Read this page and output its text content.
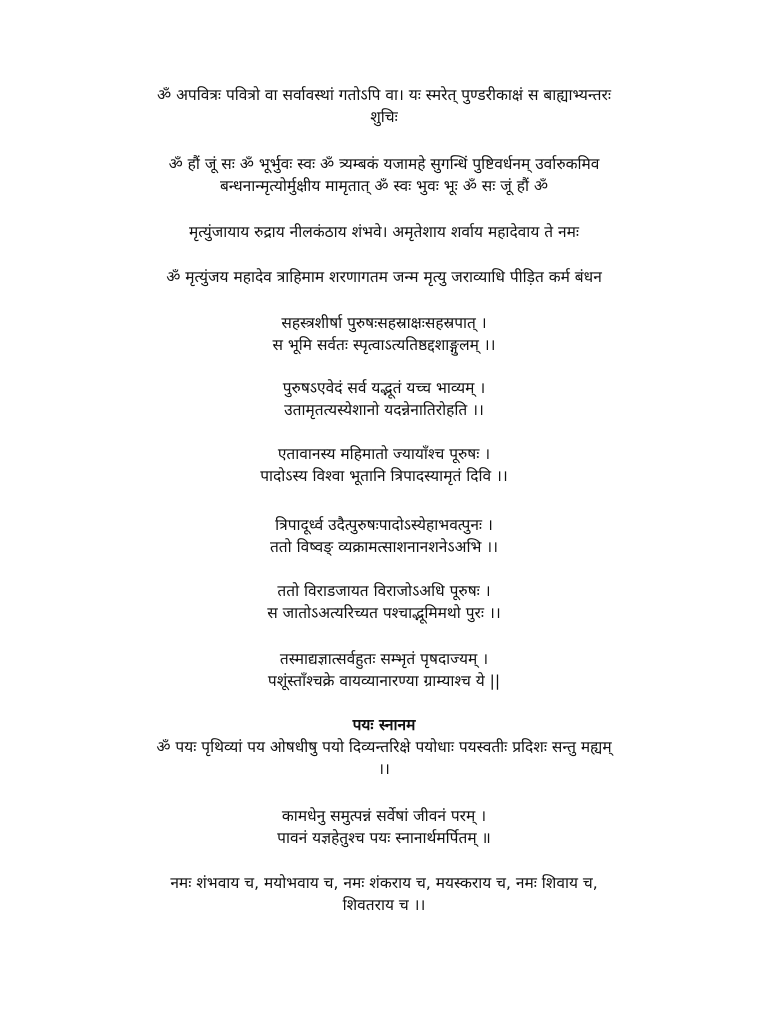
ॐ अपवित्रः पवित्रो वा सर्वावस्थां गतोऽपि वा। यः स्मरेत् पुण्डरीकाक्षं स बाह्याभ्यन्तरः
शुचिः
ॐ हौं जूं सः ॐ भूर्भुवः स्वः ॐ त्र्यम्बकं यजामहे सुगन्धिं पुष्टिवर्धनम् उर्वारुकमिव
बन्धनान्मृत्योर्मुक्षीय मामृतात् ॐ स्वः भुवः भूः ॐ सः जूं हौं ॐ
मृत्युंजायाय रुद्राय नीलकंठाय शंभवे। अमृतेशाय शर्वाय महादेवाय ते नमः
ॐ मृत्युंजय महादेव त्राहिमाम शरणागतम जन्म मृत्यु जराव्याधि पीड़ित कर्म बंधन
सहस्त्रशीर्षा पुरुषःसहस्राक्षःसहस्रपात् ।
स भूमि सर्वतः स्पृत्वाऽत्यतिष्ठद्दशाङ्गुलम् ।।
पुरुषऽएवेदं सर्व यद्भूतं यच्च भाव्यम् ।
उतामृतत्यस्येशानो यदन्नेनातिरोहति ।।
एतावानस्य महिमातो ज्यायाँश्च पूरुषः ।
पादोऽस्य विश्वा भूतानि त्रिपादस्यामृतं दिवि ।।
त्रिपादूर्ध्व उदैत्पुरुषःपादोऽस्येहाभवत्पुनः ।
ततो विष्वङ् व्यक्रामत्साशनानशनेऽअभि ।।
ततो विराडजायत विराजोऽअधि पूरुषः ।
स जातोऽअत्यरिच्यत पश्चाद्भूमिमथो पुरः ।।
तस्माद्यज्ञात्सर्वहुतः सम्भृतं पृषदाज्यम् ।
पशूंस्ताँश्चक्रे वायव्यानारण्या ग्राम्याश्च ये ||
पयः स्नानम
ॐ पयः पृथिव्यां पय ओषधीषु पयो दिव्यन्तरिक्षे पयोधाः पयस्वतीः प्रदिशः सन्तु मह्यम्
।।
कामधेनु समुत्पन्नं सर्वेषां जीवनं परम् ।
पावनं यज्ञहेतुश्च पयः स्नानार्थमर्पितम् ॥
नमः शंभवाय च, मयोभवाय च, नमः शंकराय च, मयस्कराय च, नमः शिवाय च,
शिवतराय च ।।
